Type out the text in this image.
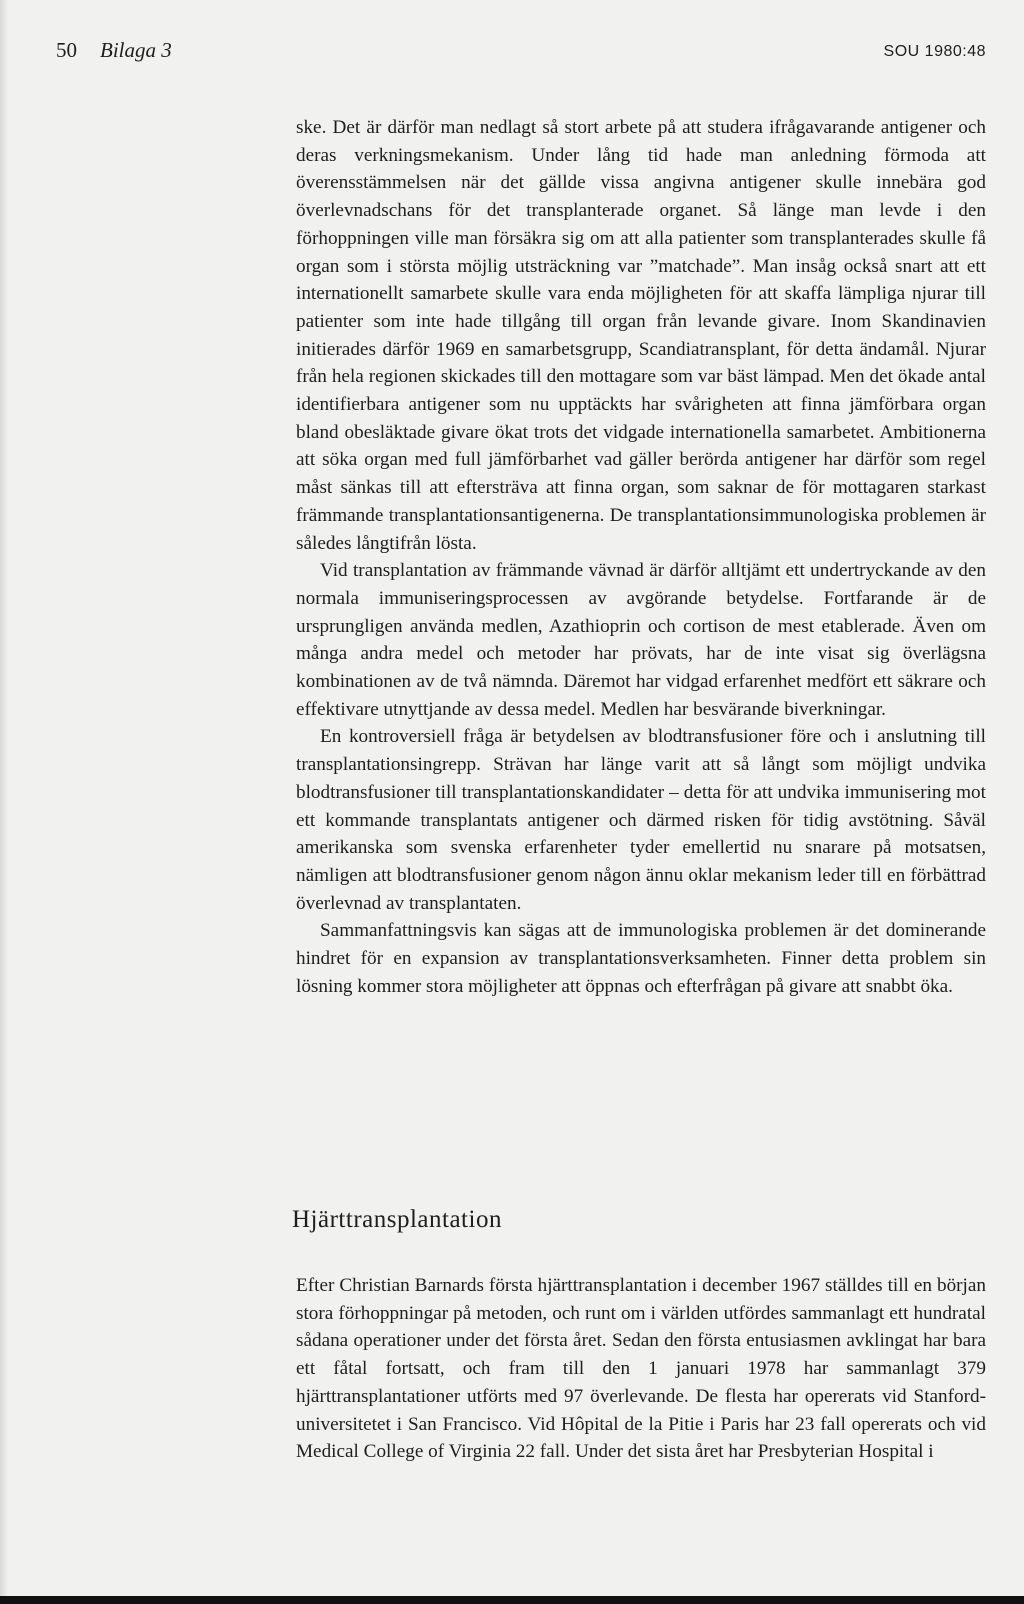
50 Bilaga 3	SOU 1980:48

ske. Det är därför man nedlagt så stort arbete på att studera ifrågavarande antigener och deras verkningsmekanism. Under lång tid hade man anledning förmoda att överensstämmelsen när det gällde vissa angivna antigener skulle innebära god överlevnadschans för det transplanterade organet. Så länge man levde i den förhoppningen ville man försäkra sig om att alla patienter som transplanterades skulle få organ som i största möjlig utsträckning var ”matchade”. Man insåg också snart att ett internationellt samarbete skulle vara enda möjligheten för att skaffa lämpliga njurar till patienter som inte hade tillgång till organ från levande givare. Inom Skandinavien initierades därför 1969 en samarbetsgrupp, Scandiatransplant, för detta ändamål. Njurar från hela regionen skickades till den mottagare som var bäst lämpad. Men det ökade antal identifierbara antigener som nu upptäckts har svårigheten att finna jämförbara organ bland obesläktade givare ökat trots det vidgade internationella samarbetet. Ambitionerna att söka organ med full jämförbarhet vad gäller berörda antigener har därför som regel måst sänkas till att eftersträva att finna organ, som saknar de för mottagaren starkast främmande transplantationsantigenerna. De transplantationsimmunologiska problemen är således långtifrån lösta.

Vid transplantation av främmande vävnad är därför alltjämt ett undertryckande av den normala immuniseringsprocessen av avgörande betydelse. Fortfarande är de ursprungligen använda medlen, Azathioprin och cortison de mest etablerade. Även om många andra medel och metoder har prövats, har de inte visat sig överlägsna kombinationen av de två nämnda. Däremot har vidgad erfarenhet medfört ett säkrare och effektivare utnyttjande av dessa medel. Medlen har besvärande biverkningar.

En kontroversiell fråga är betydelsen av blodtransfusioner före och i anslutning till transplantationsingrepp. Strävan har länge varit att så långt som möjligt undvika blodtransfusioner till transplantationskandidater – detta för att undvika immunisering mot ett kommande transplantats antigener och därmed risken för tidig avstötning. Såväl amerikanska som svenska erfarenheter tyder emellertid nu snarare på motsatsen, nämligen att blodtransfusioner genom någon ännu oklar mekanism leder till en förbättrad överlevnad av transplantaten.

Sammanfattningsvis kan sägas att de immunologiska problemen är det dominerande hindret för en expansion av transplantationsverksamheten. Finner detta problem sin lösning kommer stora möjligheter att öppnas och efterfrågan på givare att snabbt öka.

Hjärttransplantation

Efter Christian Barnards första hjärttransplantation i december 1967 ställdes till en början stora förhoppningar på metoden, och runt om i världen utfördes sammanlagt ett hundratal sådana operationer under det första året. Sedan den första entusiasmen avklingat har bara ett fåtal fortsatt, och fram till den 1 januari 1978 har sammanlagt 379 hjärttransplantationer utförts med 97 överlevande. De flesta har opererats vid Stanford-universitetet i San Francisco. Vid Hôpital de la Pitie i Paris har 23 fall opererats och vid Medical College of Virginia 22 fall. Under det sista året har Presbyterian Hospital i
